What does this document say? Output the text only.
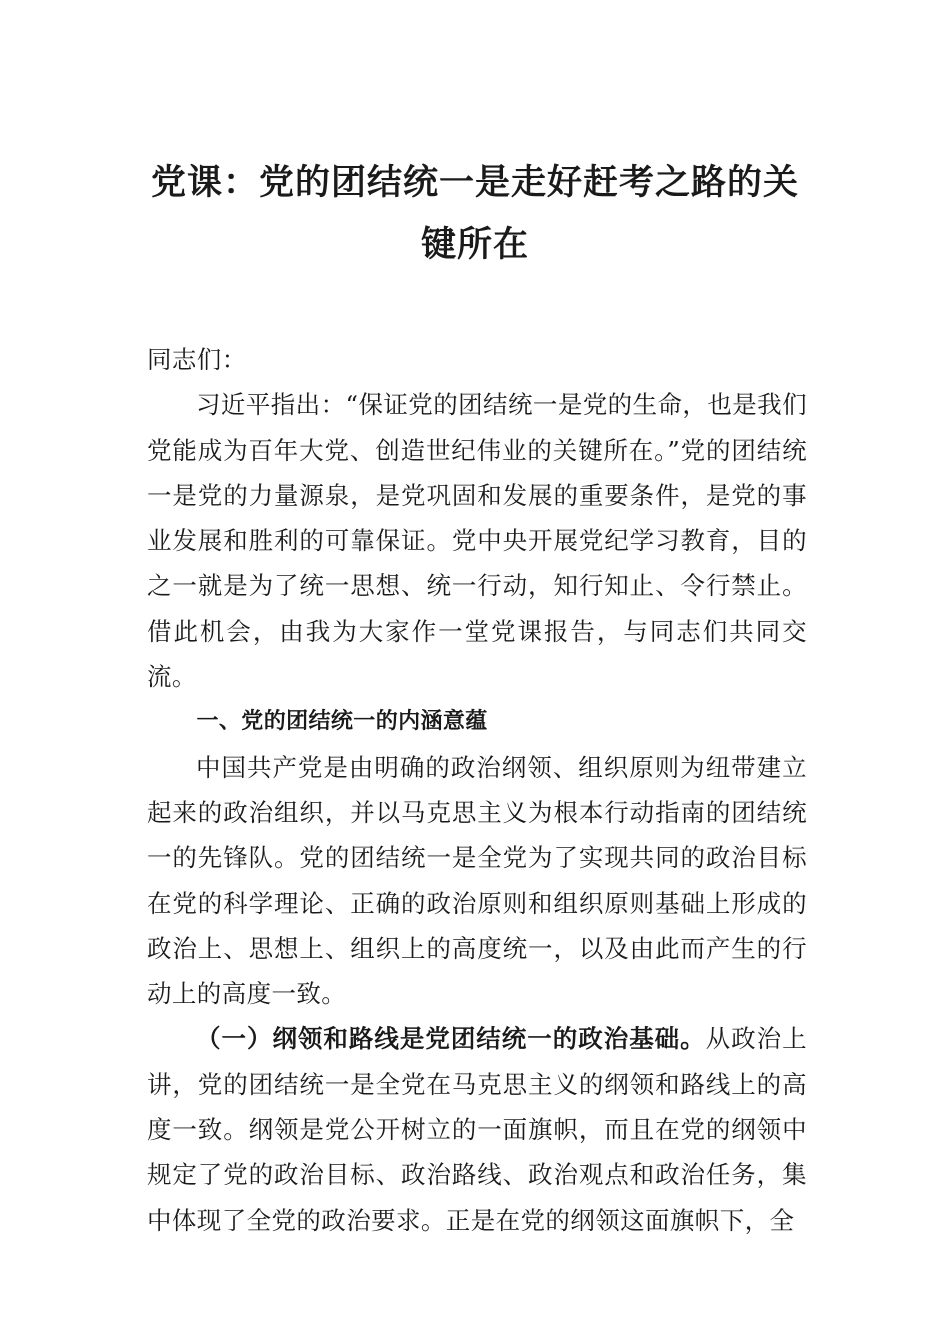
党课：党的团结统一是走好赶考之路的关键所在

同志们：

习近平指出：“保证党的团结统一是党的生命，也是我们党能成为百年大党、创造世纪伟业的关键所在。”党的团结统一是党的力量源泉，是党巩固和发展的重要条件，是党的事业发展和胜利的可靠保证。党中央开展党纪学习教育，目的之一就是为了统一思想、统一行动，知行知止、令行禁止。借此机会，由我为大家作一堂党课报告，与同志们共同交流。

一、党的团结统一的内涵意蕴

中国共产党是由明确的政治纲领、组织原则为纽带建立起来的政治组织，并以马克思主义为根本行动指南的团结统一的先锋队。党的团结统一是全党为了实现共同的政治目标在党的科学理论、正确的政治原则和组织原则基础上形成的政治上、思想上、组织上的高度统一，以及由此而产生的行动上的高度一致。

（一）纲领和路线是党团结统一的政治基础。从政治上讲，党的团结统一是全党在马克思主义的纲领和路线上的高度一致。纲领是党公开树立的一面旗帜，而且在党的纲领中规定了党的政治目标、政治路线、政治观点和政治任务，集中体现了全党的政治要求。正是在党的纲领这面旗帜下，全
